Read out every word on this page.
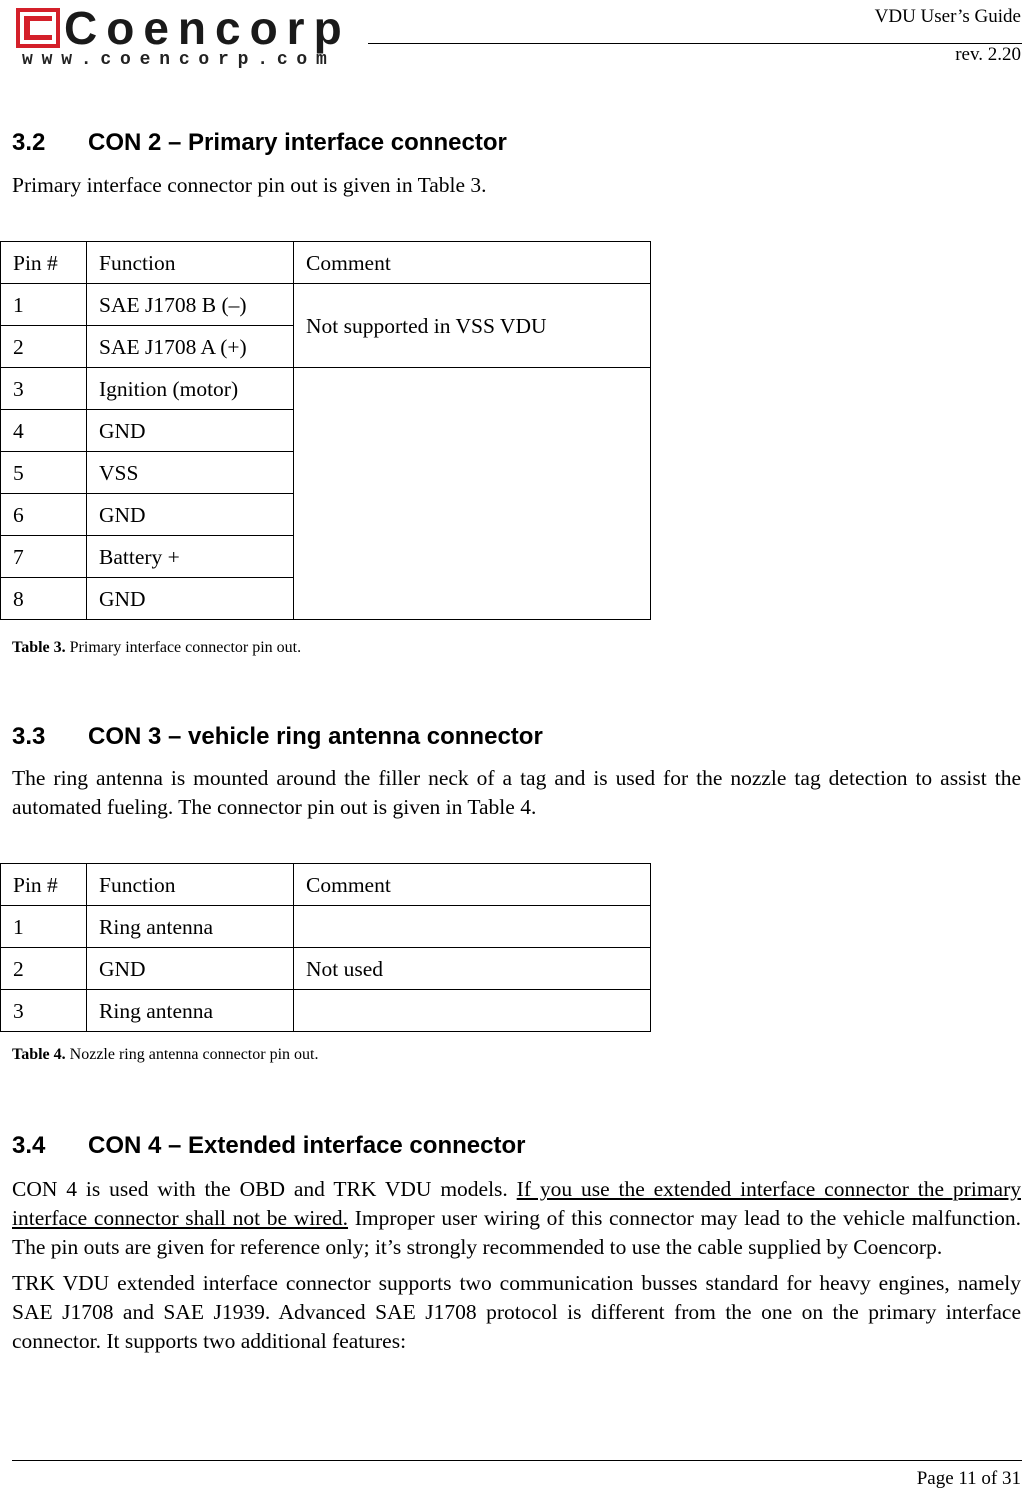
Coencorp
www.coencorp.com
VDU User’s Guide
rev. 2.20
3.2 CON 2 – Primary interface connector
Primary interface connector pin out is given in Table 3.
Pin #	Function	Comment
1	SAE J1708 B (–)	Not supported in VSS VDU
2	SAE J1708 A (+)	
3	Ignition (motor)	
4	GND	
5	VSS	
6	GND	
7	Battery +	
8	GND	
Table 3. Primary interface connector pin out.
3.3 CON 3 – vehicle ring antenna connector
The ring antenna is mounted around the filler neck of a tag and is used for the nozzle tag detection to assist the automated fueling. The connector pin out is given in Table 4.
Pin #	Function	Comment
1	Ring antenna	
2	GND	Not used
3	Ring antenna	
Table 4. Nozzle ring antenna connector pin out.
3.4 CON 4 – Extended interface connector

CON 4 is used with the OBD and TRK VDU models. If you use the extended interface connector the primary interface connector shall not be wired. Improper user wiring of this connector may lead to the vehicle malfunction. The pin outs are given for reference only; it’s strongly recommended to use the cable supplied by Coencorp.

TRK VDU extended interface connector supports two communication busses standard for heavy engines, namely SAE J1708 and SAE J1939. Advanced SAE J1708 protocol is different from the one on the primary interface connector. It supports two additional features:

Page 11 of 31
